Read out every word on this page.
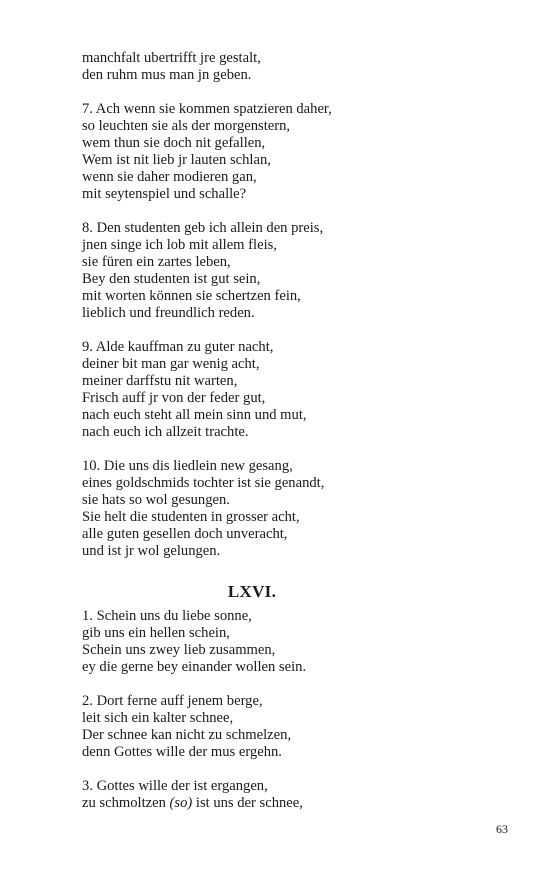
manchfalt ubertrifft jre gestalt,
den ruhm mus man jn geben.
7. Ach wenn sie kommen spatzieren daher,
so leuchten sie als der morgenstern,
wem thun sie doch nit gefallen,
Wem ist nit lieb jr lauten schlan,
wenn sie daher modieren gan,
mit seytenspiel und schalle?
8. Den studenten geb ich allein den preis,
jnen singe ich lob mit allem fleis,
sie füren ein zartes leben,
Bey den studenten ist gut sein,
mit worten können sie schertzen fein,
lieblich und freundlich reden.
9. Alde kauffman zu guter nacht,
deiner bit man gar wenig acht,
meiner darffstu nit warten,
Frisch auff jr von der feder gut,
nach euch steht all mein sinn und mut,
nach euch ich allzeit trachte.
10. Die uns dis liedlein new gesang,
eines goldschmids tochter ist sie genandt,
sie hats so wol gesungen.
Sie helt die studenten in grosser acht,
alle guten gesellen doch unveracht,
und ist jr wol gelungen.
LXVI.
1. Schein uns du liebe sonne,
gib uns ein hellen schein,
Schein uns zwey lieb zusammen,
ey die gerne bey einander wollen sein.
2. Dort ferne auff jenem berge,
leit sich ein kalter schnee,
Der schnee kan nicht zu schmelzen,
denn Gottes wille der mus ergehn.
3. Gottes wille der ist ergangen,
zu schmoltzen (so) ist uns der schnee,
63
